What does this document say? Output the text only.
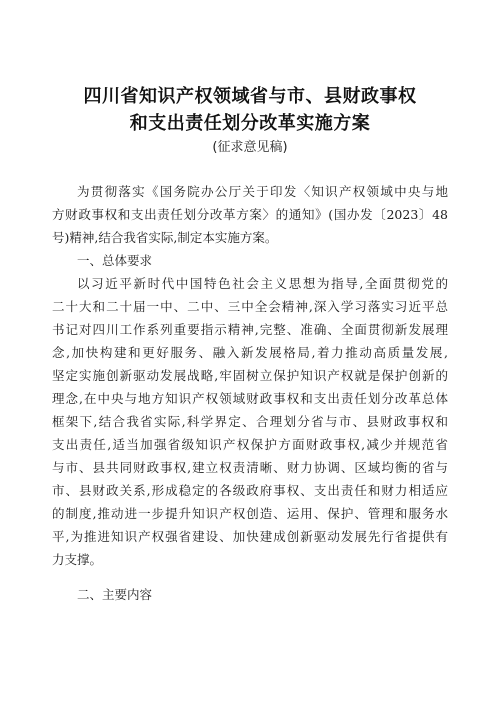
四川省知识产权领域省与市、县财政事权
和支出责任划分改革实施方案
(征求意见稿)
为贯彻落实《国务院办公厅关于印发〈知识产权领域中央与地
方财政事权和支出责任划分改革方案〉的通知》(国办发〔2023〕48
号)精神,结合我省实际,制定本实施方案。
一、总体要求
以习近平新时代中国特色社会主义思想为指导,全面贯彻党的
二十大和二十届一中、二中、三中全会精神,深入学习落实习近平总
书记对四川工作系列重要指示精神,完整、准确、全面贯彻新发展理
念,加快构建和更好服务、融入新发展格局,着力推动高质量发展,
坚定实施创新驱动发展战略,牢固树立保护知识产权就是保护创新的
理念,在中央与地方知识产权领域财政事权和支出责任划分改革总体
框架下,结合我省实际,科学界定、合理划分省与市、县财政事权和
支出责任,适当加强省级知识产权保护方面财政事权,减少并规范省
与市、县共同财政事权,建立权责清晰、财力协调、区域均衡的省与
市、县财政关系,形成稳定的各级政府事权、支出责任和财力相适应
的制度,推动进一步提升知识产权创造、运用、保护、管理和服务水
平,为推进知识产权强省建设、加快建成创新驱动发展先行省提供有
力支撑。
二、主要内容
